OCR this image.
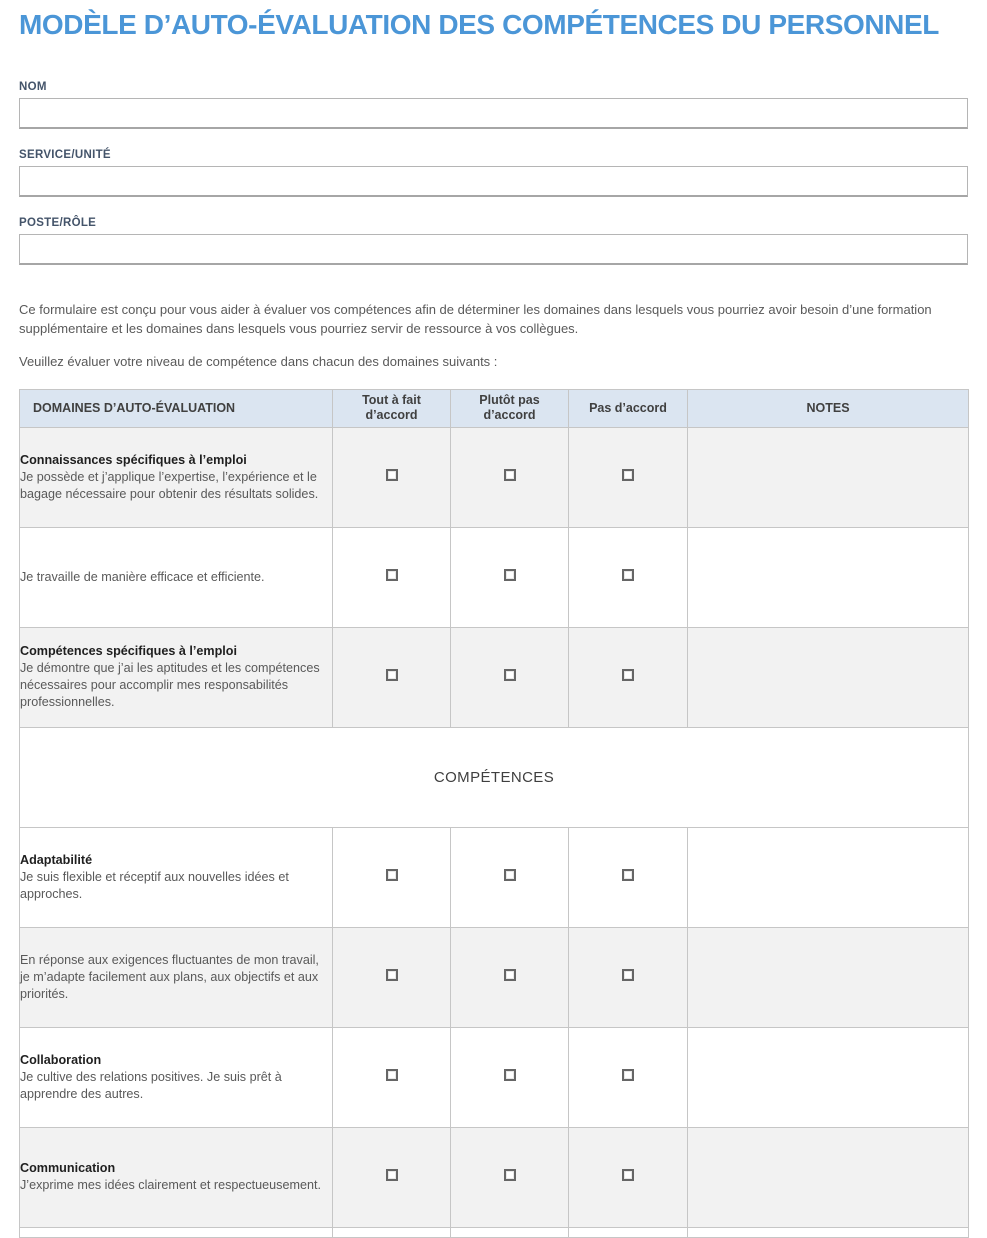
MODÈLE D’AUTO-ÉVALUATION DES COMPÉTENCES DU PERSONNEL
NOM
SERVICE/UNITÉ
POSTE/RÔLE

Ce formulaire est conçu pour vous aider à évaluer vos compétences afin de déterminer les domaines dans lesquels vous pourriez avoir besoin d’une formation supplémentaire et les domaines dans lesquels vous pourriez servir de ressource à vos collègues.

Veuillez évaluer votre niveau de compétence dans chacun des domaines suivants :

DOMAINES D’AUTO-ÉVALUATION	Tout à fait d’accord	Plutôt pas d’accord	Pas d’accord	NOTES

Connaissances spécifiques à l’emploi
Je possède et j’applique l’expertise, l’expérience et le bagage nécessaire pour obtenir des résultats solides.				

Je travaille de manière efficace et efficiente.				

Compétences spécifiques à l’emploi
Je démontre que j’ai les aptitudes et les compétences nécessaires pour accomplir mes responsabilités professionnelles.				

COMPÉTENCES				

Adaptabilité
Je suis flexible et réceptif aux nouvelles idées et approches.				

En réponse aux exigences fluctuantes de mon travail, je m’adapte facilement aux plans, aux objectifs et aux priorités.				

Collaboration
Je cultive des relations positives. Je suis prêt à apprendre des autres.				

Communication
J’exprime mes idées clairement et respectueusement.				
